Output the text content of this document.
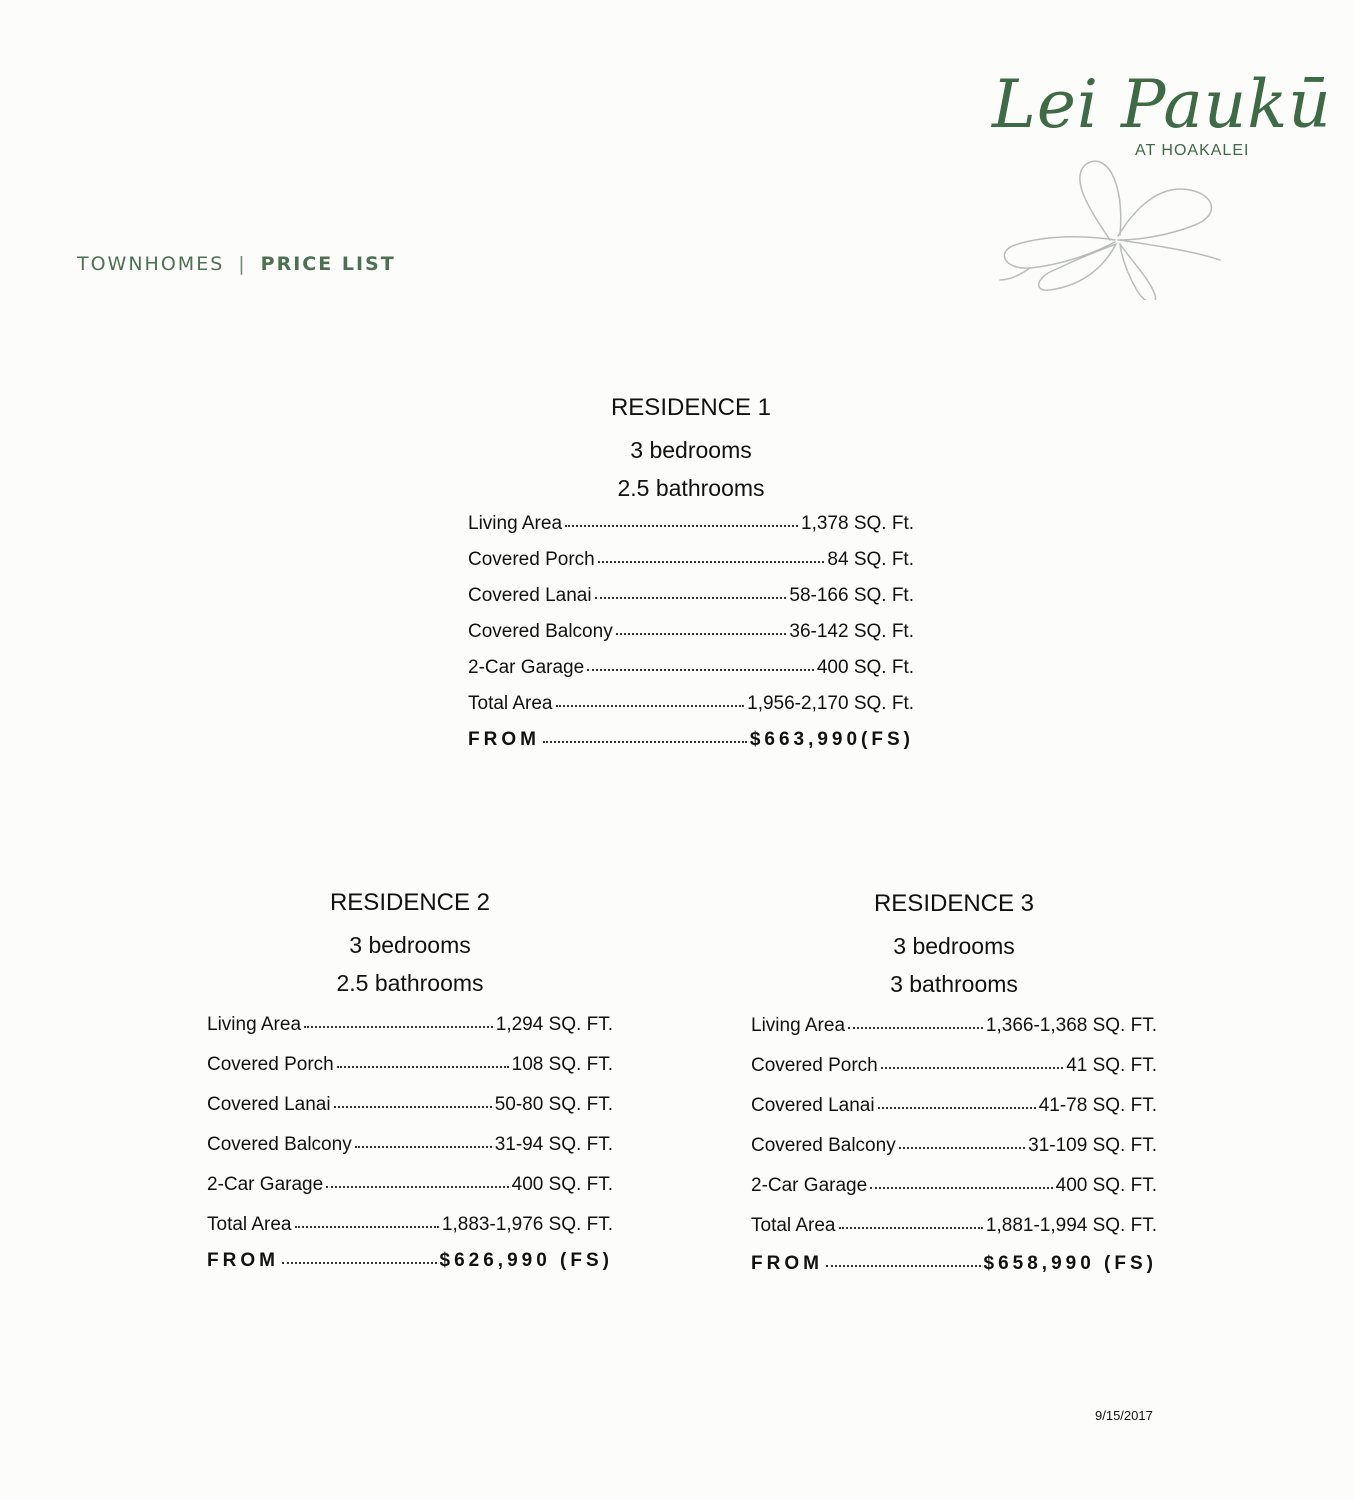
Lei Paukū
AT HOAKALEI
TOWNHOMES | PRICE LIST
RESIDENCE 1
3 bedrooms
2.5 bathrooms
Living Area	1,378 SQ. Ft.
Covered Porch	84 SQ. Ft.
Covered Lanai	58-166 SQ. Ft.
Covered Balcony	36-142 SQ. Ft.
2-Car Garage	400 SQ. Ft.
Total Area	1,956-2,170 SQ. Ft.
FROM	$663,990(FS)
RESIDENCE 2
3 bedrooms
2.5 bathrooms
Living Area	1,294 SQ. FT.
Covered Porch	108 SQ. FT.
Covered Lanai	50-80 SQ. FT.
Covered Balcony	31-94 SQ. FT.
2-Car Garage	400 SQ. FT.
Total Area	1,883-1,976 SQ. FT.
FROM	$626,990 (FS)
RESIDENCE 3
3 bedrooms
3 bathrooms
Living Area	1,366-1,368 SQ. FT.
Covered Porch	41 SQ. FT.
Covered Lanai	41-78 SQ. FT.
Covered Balcony	31-109 SQ. FT.
2-Car Garage	400 SQ. FT.
Total Area	1,881-1,994 SQ. FT.
FROM	$658,990 (FS)
9/15/2017
